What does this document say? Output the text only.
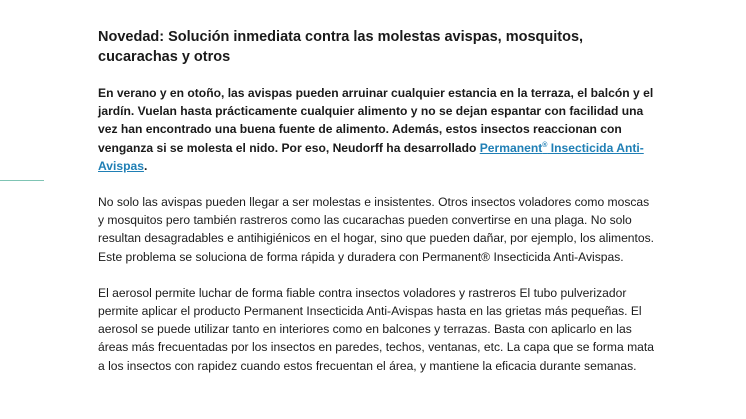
Novedad: Solución inmediata contra las molestas avispas, mosquitos, cucarachas y otros

En verano y en otoño, las avispas pueden arruinar cualquier estancia en la terraza, el balcón y el jardín. Vuelan hasta prácticamente cualquier alimento y no se dejan espantar con facilidad una vez han encontrado una buena fuente de alimento. Además, estos insectos reaccionan con venganza si se molesta el nido. Por eso, Neudorff ha desarrollado Permanent® Insecticida Anti-Avispas.

No solo las avispas pueden llegar a ser molestas e insistentes. Otros insectos voladores como moscas y mosquitos pero también rastreros como las cucarachas pueden convertirse en una plaga. No solo resultan desagradables e antihigiénicos en el hogar, sino que pueden dañar, por ejemplo, los alimentos. Este problema se soluciona de forma rápida y duradera con Permanent® Insecticida Anti-Avispas.

El aerosol permite luchar de forma fiable contra insectos voladores y rastreros El tubo pulverizador permite aplicar el producto Permanent Insecticida Anti-Avispas hasta en las grietas más pequeñas. El aerosol se puede utilizar tanto en interiores como en balcones y terrazas. Basta con aplicarlo en las áreas más frecuentadas por los insectos en paredes, techos, ventanas, etc. La capa que se forma mata a los insectos con rapidez cuando estos frecuentan el área, y mantiene la eficacia durante semanas.
